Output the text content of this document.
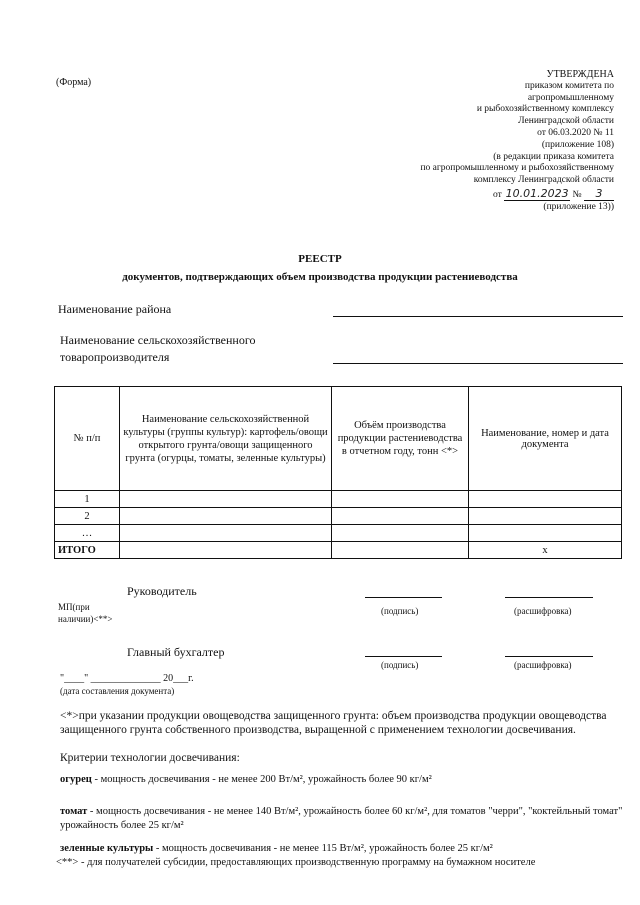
(Форма)
УТВЕРЖДЕНА
приказом комитета по
агропромышленному
и рыбохозяйственному комплексу
Ленинградской области
от 06.03.2020 № 11
(приложение 108)
(в редакции приказа комитета
по агропромышленному и рыбохозяйственному
комплексу Ленинградской области
от 10.01.2023 № 3
(приложение 13))
РЕЕСТР
документов, подтверждающих объем производства продукции растениеводства
Наименование района
Наименование сельскохозяйственного
товаропроизводителя
№ п/п	Наименование сельскохозяйственной культуры (группы культур): картофель/овощи открытого грунта/овощи защищенного грунта (огурцы, томаты, зеленные культуры)	Объём производства продукции растениеводства в отчетном году, тонн <*>	Наименование, номер и дата документа
1			
2			
…			
ИТОГО			x
Руководитель
МП(при
наличии)<**>
(подпись)	(расшифровка)
Главный бухгалтер
(подпись)	(расшифровка)
"____" ______________ 20___г.
(дата составления документа)
<*>при указании продукции овощеводства защищенного грунта: объем производства продукции овощеводства защищенного грунта собственного производства, выращенной с применением технологии досвечивания.
Критерии технологии досвечивания:
огурец - мощность досвечивания - не менее 200 Вт/м², урожайность более 90 кг/м²
томат - мощность досвечивания - не менее 140 Вт/м², урожайность более 60 кг/м², для томатов "черри", "коктейльный томат" урожайность более 25 кг/м²
зеленные культуры - мощность досвечивания - не менее 115 Вт/м², урожайность более 25 кг/м²
<**> - для получателей субсидии, предоставляющих производственную программу на бумажном носителе
